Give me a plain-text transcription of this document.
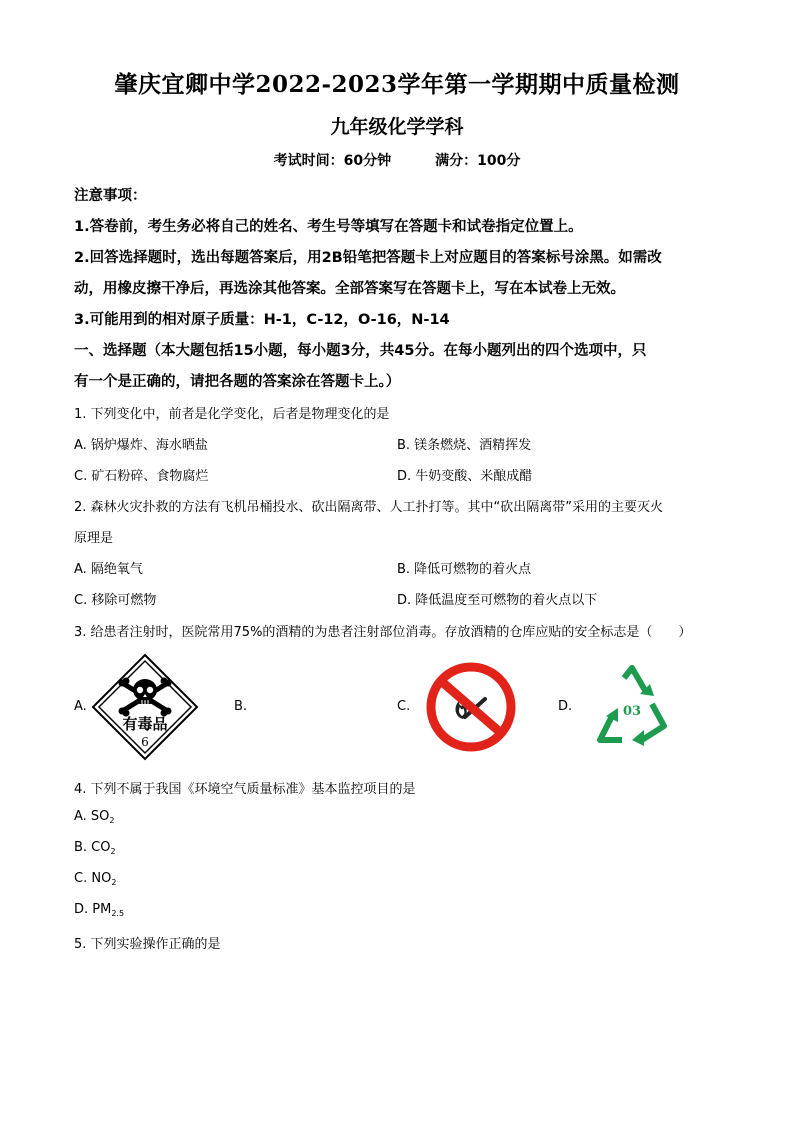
肇庆宜卿中学2022-2023学年第一学期期中质量检测
九年级化学学科
考试时间：60分钟	满分：100分
注意事项：
1.答卷前，考生务必将自己的姓名、考生号等填写在答题卡和试卷指定位置上。
2.回答选择题时，选出每题答案后，用2B铅笔把答题卡上对应题目的答案标号涂黑。如需改
动，用橡皮擦干净后，再选涂其他答案。全部答案写在答题卡上，写在本试卷上无效。
3.可能用到的相对原子质量：H-1，C-12，O-16，N-14
一、选择题（本大题包括15小题，每小题3分，共45分。在每小题列出的四个选项中，只
有一个是正确的，请把各题的答案涂在答题卡上。）
1. 下列变化中，前者是化学变化，后者是物理变化的是
A. 锅炉爆炸、海水晒盐	B. 镁条燃烧、酒精挥发
C. 矿石粉碎、食物腐烂	D. 牛奶变酸、米酿成醋
2. 森林火灾扑救的方法有飞机吊桶投水、砍出隔离带、人工扑打等。其中“砍出隔离带”采用的主要灭火
原理是
A. 隔绝氧气	B. 降低可燃物的着火点
C. 移除可燃物	D. 降低温度至可燃物的着火点以下
3. 给患者注射时，医院常用75%的酒精的为患者注射部位消毒。存放酒精的仓库应贴的安全标志是（　　）
A.
有毒品
6
B.	C.	D.	03
4. 下列不属于我国《环境空气质量标准》基本监控项目的是
A. $SO_2$
B. $CO_2$
C. $NO_2$
D. $PM_{2.5}$
5. 下列实验操作正确的是
